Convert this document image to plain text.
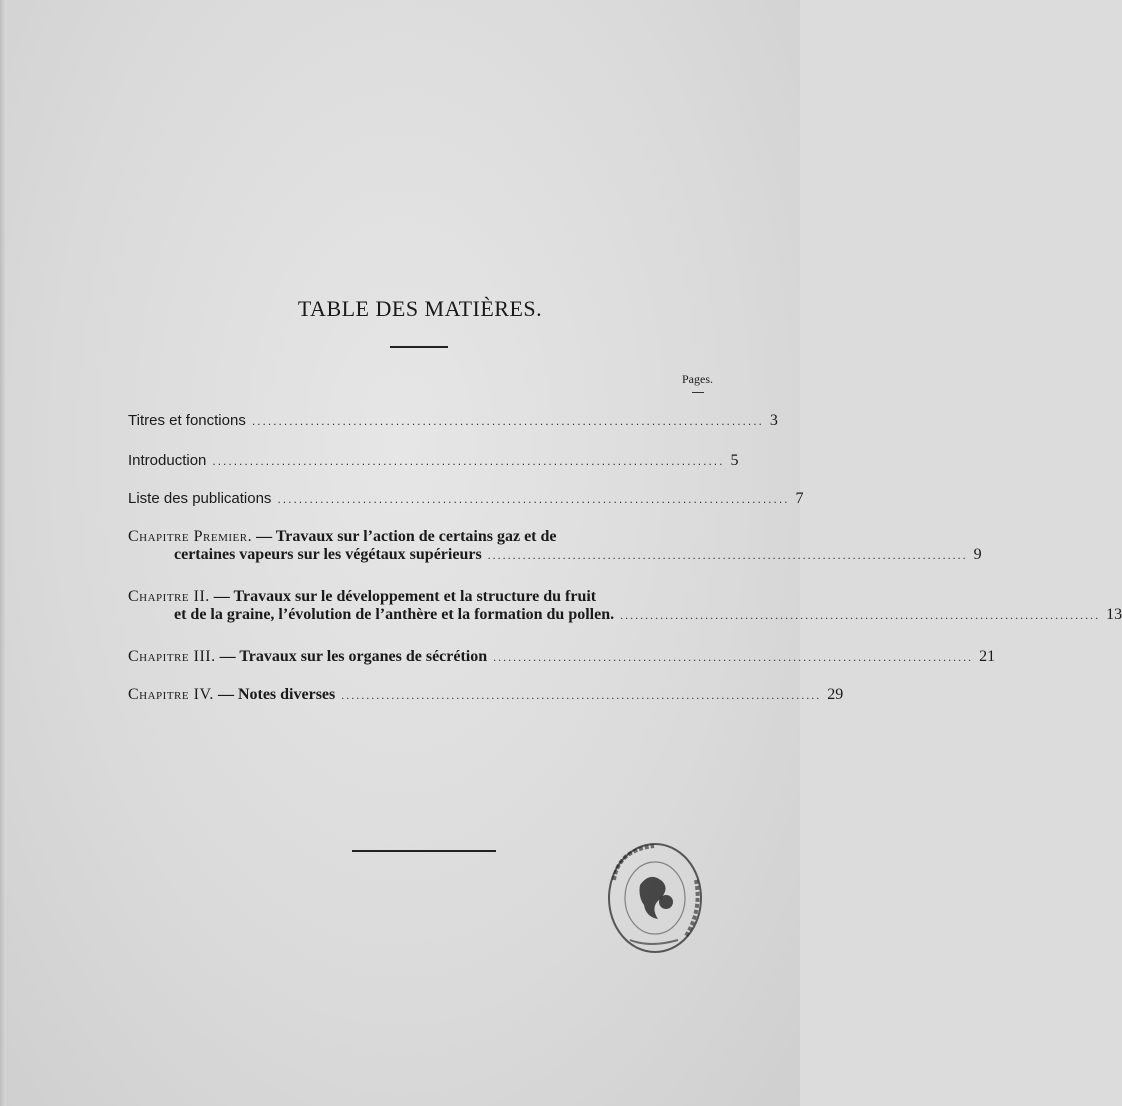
TABLE DES MATIÈRES.
Pages.
Titres et fonctions ................................................................................................ 3
Introduction ................................................................................................ 5
Liste des publications ................................................................................................ 7
Chapitre Premier. — Travaux sur l’action de certains gaz et de
certaines vapeurs sur les végétaux supérieurs ................................................................................................ 9
Chapitre II. — Travaux sur le développement et la structure du fruit
et de la graine, l’évolution de l’anthère et la formation du pollen. ................................................................................................ 13
Chapitre III. — Travaux sur les organes de sécrétion ................................................................................................ 21
Chapitre IV. — Notes diverses ................................................................................................ 29
